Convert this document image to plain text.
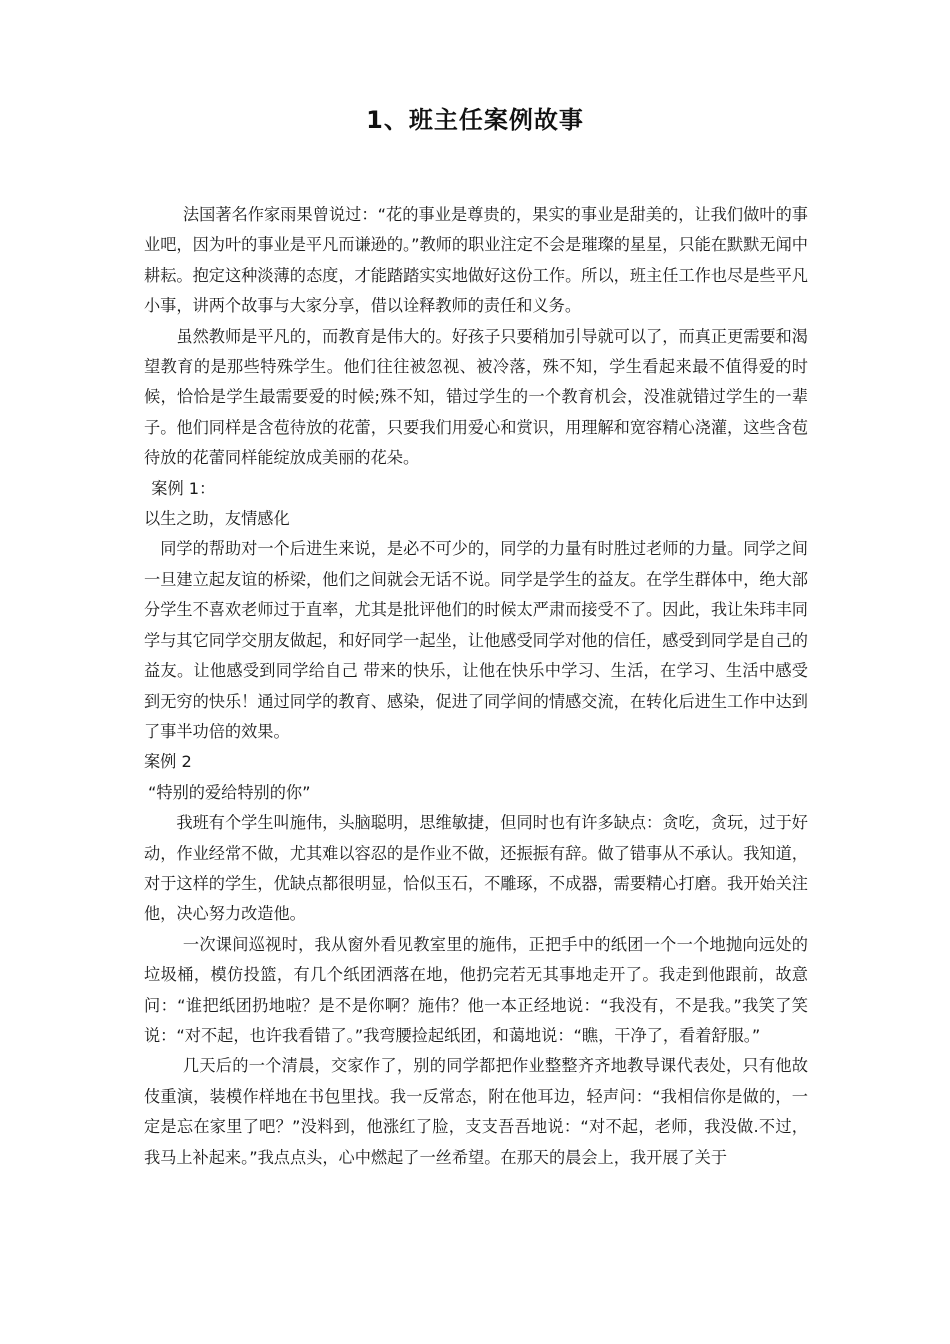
1、班主任案例故事

法国著名作家雨果曾说过：“花的事业是尊贵的，果实的事业是甜美的，让我们做叶的事业吧，因为叶的事业是平凡而谦逊的。”教师的职业注定不会是璀璨的星星，只能在默默无闻中耕耘。抱定这种淡薄的态度，才能踏踏实实地做好这份工作。所以，班主任工作也尽是些平凡小事，讲两个故事与大家分享，借以诠释教师的责任和义务。

虽然教师是平凡的，而教育是伟大的。好孩子只要稍加引导就可以了，而真正更需要和渴望教育的是那些特殊学生。他们往往被忽视、被冷落，殊不知，学生看起来最不值得爱的时候，恰恰是学生最需要爱的时候;殊不知，错过学生的一个教育机会，没准就错过学生的一辈子。他们同样是含苞待放的花蕾，只要我们用爱心和赏识，用理解和宽容精心浇灌，这些含苞待放的花蕾同样能绽放成美丽的花朵。

案例 1：

以生之助，友情感化

同学的帮助对一个后进生来说，是必不可少的，同学的力量有时胜过老师的力量。同学之间一旦建立起友谊的桥梁，他们之间就会无话不说。同学是学生的益友。在学生群体中，绝大部分学生不喜欢老师过于直率，尤其是批评他们的时候太严肃而接受不了。因此，我让朱玮丰同学与其它同学交朋友做起，和好同学一起坐，让他感受同学对他的信任，感受到同学是自己的益友。让他感受到同学给自己 带来的快乐，让他在快乐中学习、生活，在学习、生活中感受到无穷的快乐！通过同学的教育、感染，促进了同学间的情感交流，在转化后进生工作中达到了事半功倍的效果。

案例 2

“特别的爱给特别的你”

我班有个学生叫施伟，头脑聪明，思维敏捷，但同时也有许多缺点：贪吃，贪玩，过于好动，作业经常不做，尤其难以容忍的是作业不做，还振振有辞。做了错事从不承认。我知道，对于这样的学生，优缺点都很明显，恰似玉石，不雕琢，不成器，需要精心打磨。我开始关注他，决心努力改造他。

一次课间巡视时，我从窗外看见教室里的施伟，正把手中的纸团一个一个地抛向远处的垃圾桶，模仿投篮，有几个纸团洒落在地，他扔完若无其事地走开了。我走到他跟前，故意问：“谁把纸团扔地啦？是不是你啊？施伟？他一本正经地说：“我没有，不是我。”我笑了笑说：“对不起，也许我看错了。”我弯腰捡起纸团，和蔼地说：“瞧，干净了，看着舒服。”

几天后的一个清晨，交家作了，别的同学都把作业整整齐齐地教导课代表处，只有他故伎重演，装模作样地在书包里找。我一反常态，附在他耳边，轻声问：“我相信你是做的，一定是忘在家里了吧？”没料到，他涨红了脸，支支吾吾地说：“对不起，老师，我没做.不过，我马上补起来。”我点点头，心中燃起了一丝希望。在那天的晨会上，我开展了关于
